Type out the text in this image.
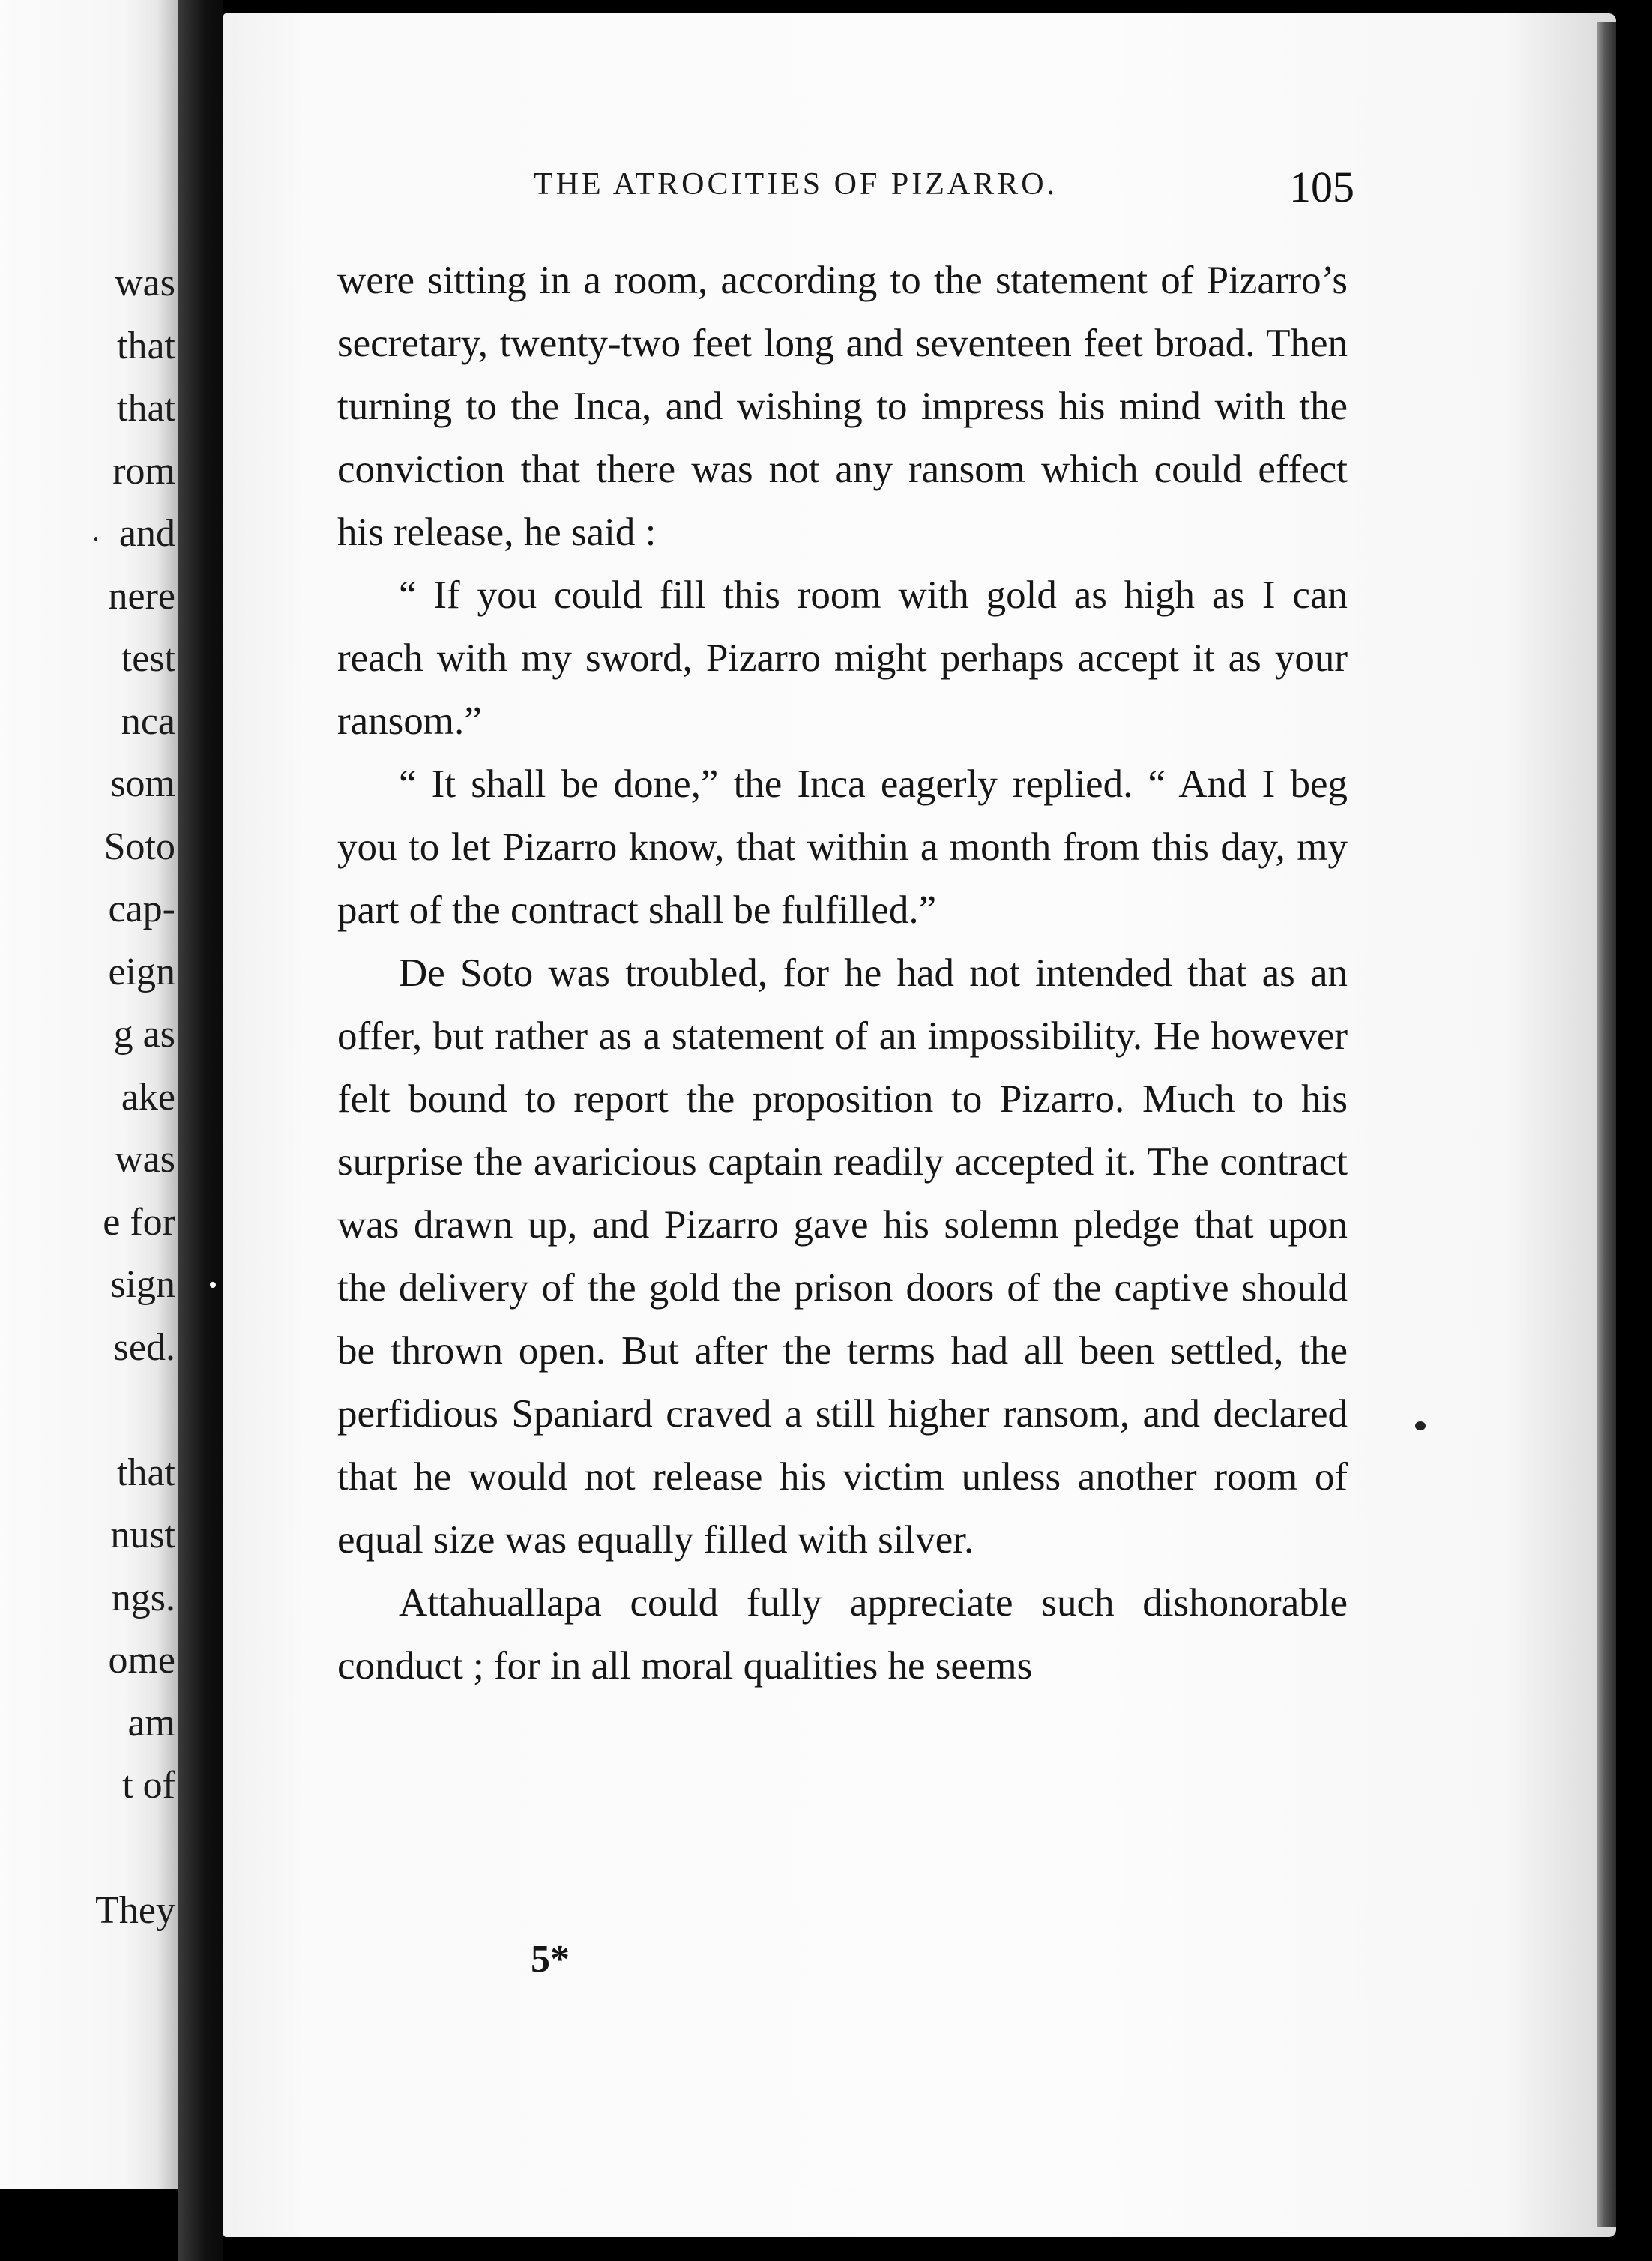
was
that
that
rom
and
nere
test
nca
som
Soto
cap-
eign
g as
ake
was
e for
sign
sed.
that
nust
ngs.
ome
am
t of
They
THE ATROCITIES OF PIZARRO.	105

were sitting in a room, according to the statement of Pizarro’s secretary, twenty-two feet long and seventeen feet broad. Then turning to the Inca, and wishing to impress his mind with the conviction that there was not any ransom which could effect his release, he said :

“ If you could fill this room with gold as high as I can reach with my sword, Pizarro might perhaps accept it as your ransom.”

“ It shall be done,” the Inca eagerly replied. “ And I beg you to let Pizarro know, that within a month from this day, my part of the contract shall be fulfilled.”

De Soto was troubled, for he had not intended that as an offer, but rather as a statement of an impossibility. He however felt bound to report the proposition to Pizarro. Much to his surprise the avaricious captain readily accepted it. The contract was drawn up, and Pizarro gave his solemn pledge that upon the delivery of the gold the prison doors of the captive should be thrown open. But after the terms had all been settled, the perfidious Spaniard craved a still higher ransom, and declared that he would not release his victim unless another room of equal size was equally filled with silver.

Attahuallapa could fully appreciate such dishonorable conduct ; for in all moral qualities he seems

5*
